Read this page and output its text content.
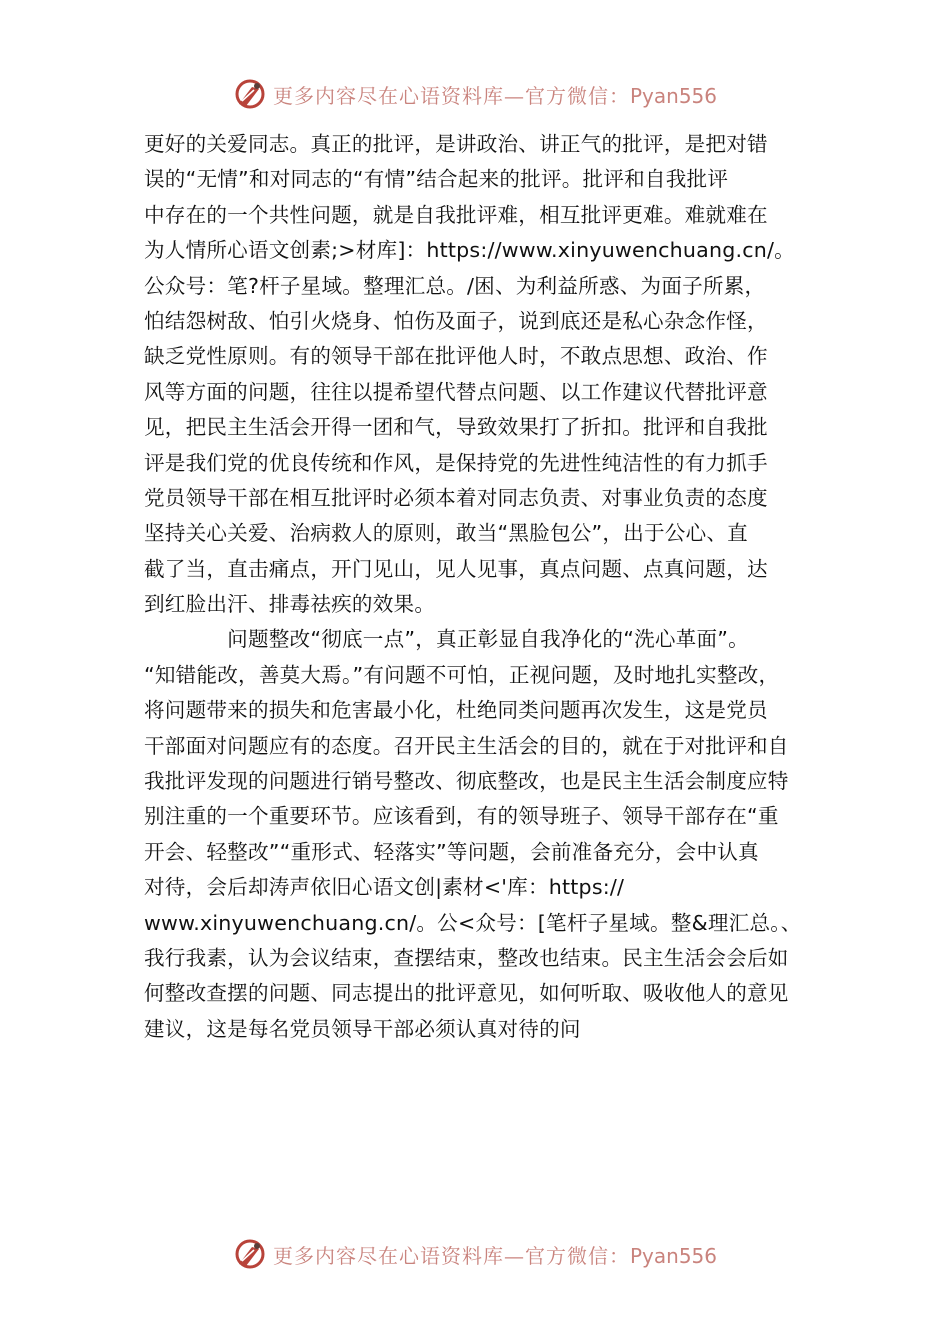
更多内容尽在心语资料库—官方微信：Pyan556
更好的关爱同志。真正的批评，是讲政治、讲正气的批评，是把对错
误的“无情”和对同志的“有情”结合起来的批评。批评和自我批评
中存在的一个共性问题，就是自我批评难，相互批评更难。难就难在
为人情所心语文创素;>材库]：https://www.xinyuwenchuang.cn/。
公众号：笔?杆子星域。整理汇总。/困、为利益所惑、为面子所累，
怕结怨树敌、怕引火烧身、怕伤及面子，说到底还是私心杂念作怪，
缺乏党性原则。有的领导干部在批评他人时，不敢点思想、政治、作
风等方面的问题，往往以提希望代替点问题、以工作建议代替批评意
见，把民主生活会开得一团和气，导致效果打了折扣。批评和自我批
评是我们党的优良传统和作风，是保持党的先进性纯洁性的有力抓手
党员领导干部在相互批评时必须本着对同志负责、对事业负责的态度
坚持关心关爱、治病救人的原则，敢当“黑脸包公”，出于公心、直
截了当，直击痛点，开门见山，见人见事，真点问题、点真问题，达
到红脸出汗、排毒祛疾的效果。
　　　　问题整改“彻底一点”，真正彰显自我净化的“洗心革面”。
“知错能改，善莫大焉。”有问题不可怕，正视问题，及时地扎实整改，
将问题带来的损失和危害最小化，杜绝同类问题再次发生，这是党员
干部面对问题应有的态度。召开民主生活会的目的，就在于对批评和自
我批评发现的问题进行销号整改、彻底整改，也是民主生活会制度应特
别注重的一个重要环节。应该看到，有的领导班子、领导干部存在“重
开会、轻整改”“重形式、轻落实”等问题，会前准备充分，会中认真
对待，会后却涛声依旧心语文创|素材<'库：https://
www.xinyuwenchuang.cn/。公<众号：[笔杆子星域。整&理汇总。、
我行我素，认为会议结束，查摆结束，整改也结束。民主生活会会后如
何整改查摆的问题、同志提出的批评意见，如何听取、吸收他人的意见
建议，这是每名党员领导干部必须认真对待的问
更多内容尽在心语资料库—官方微信：Pyan556
